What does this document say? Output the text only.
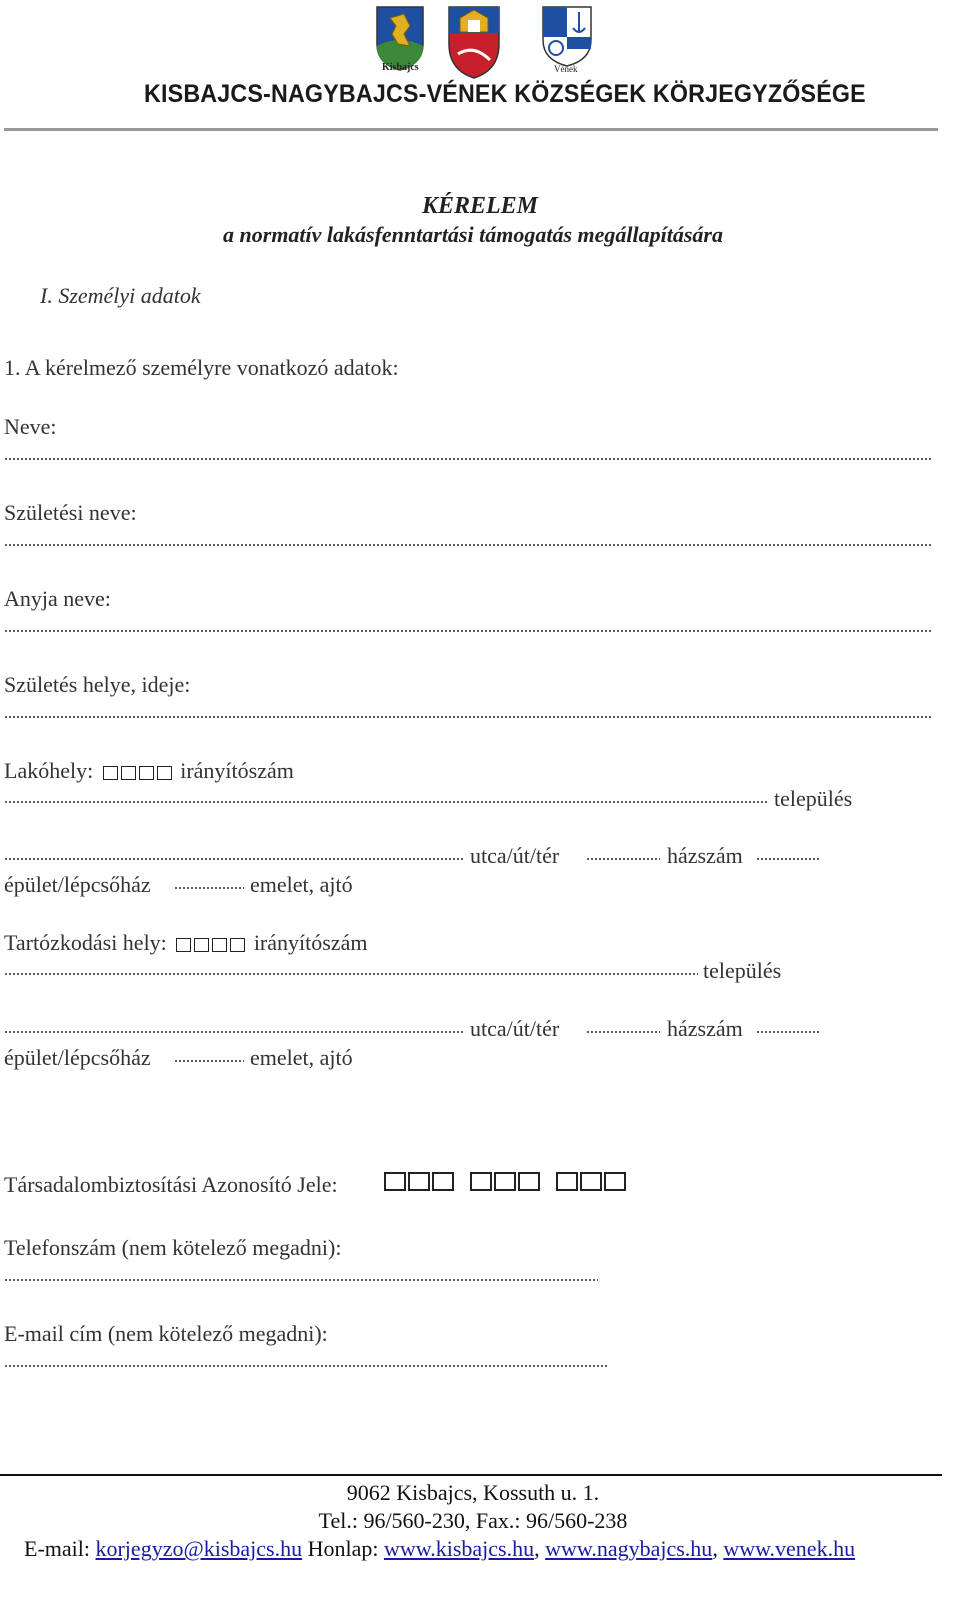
Kisbajcs	Vének
KISBAJCS-NAGYBAJCS-VÉNEK KÖZSÉGEK KÖRJEGYZŐSÉGE
KÉRELEM
a normatív lakásfenntartási támogatás megállapítására
I. Személyi adatok
1. A kérelmező személyre vonatkozó adatok:
Neve:
Születési neve:
Anyja neve:
Születés helye, ideje:
Lakóhely:	irányítószám
település
utca/út/tér	házszám
épület/lépcsőház	emelet, ajtó
Tartózkodási hely:	irányítószám
település
utca/út/tér	házszám
épület/lépcsőház	emelet, ajtó
Társadalombiztosítási Azonosító Jele:
Telefonszám (nem kötelező megadni):
E-mail cím (nem kötelező megadni):
9062 Kisbajcs, Kossuth u. 1.
Tel.: 96/560-230, Fax.: 96/560-238
E-mail: korjegyzo@kisbajcs.hu Honlap: www.kisbajcs.hu, www.nagybajcs.hu, www.venek.hu
